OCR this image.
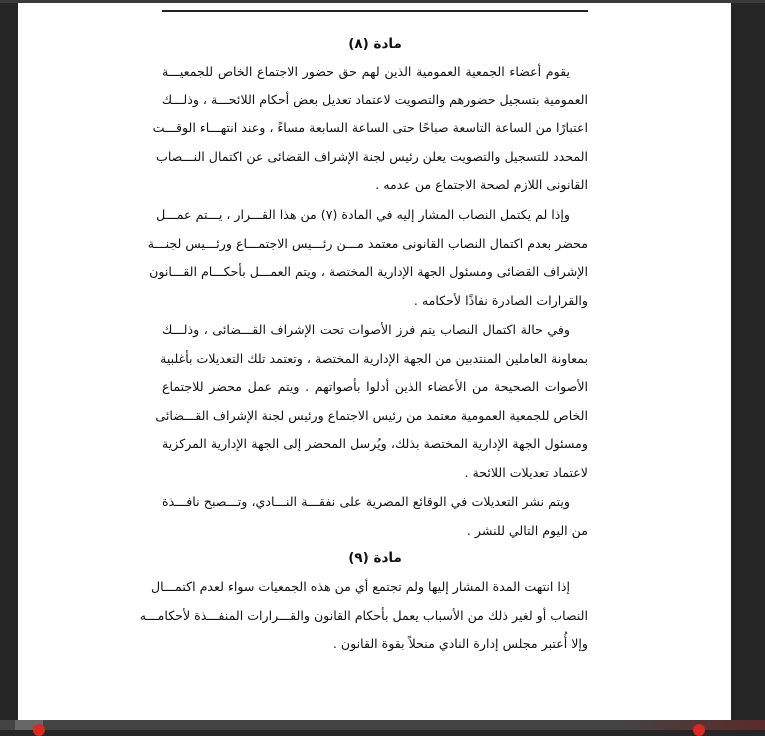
مادة (٨)
يقوم أعضاء الجمعية العمومية الذين لهم حق حضور الاجتماع الخاص للجمعيـــة
العمومية بتسجيل حضورهم والتصويت لاعتماد تعديل بعض أحكام اللائحـــة ، وذلـــك
اعتبارًا من الساعة التاسعة صباحًا حتى الساعة السابعة مساءً ، وعند انتهـــاء الوقـــت
المحدد للتسجيل والتصويت يعلن رئيس لجنة الإشراف القضائى عن اكتمال النـــصاب
القانونى اللازم لصحة الاجتماع من عدمه .
وإذا لم يكتمل النصاب المشار إليه في المادة (٧) من هذا القـــرار ، يـــتم عمـــل
محضر بعدم اكتمال النصاب القانونى معتمد مـــن رئـــيس الاجتمـــاع ورئـــيس لجنـــة
الإشراف القضائى ومسئول الجهة الإدارية المختصة ، ويتم العمـــل بأحكـــام القـــانون
والقرارات الصادرة نفاذًا لأحكامه .
وفي حالة اكتمال النصاب يتم فرز الأصوات تحت الإشراف القـــضائى ، وذلـــك
بمعاونة العاملين المنتدبين من الجهة الإدارية المختصة ، وتعتمد تلك التعديلات بأغلبية
الأصوات الصحيحة من الأعضاء الذين أدلوا بأصواتهم . ويتم عمل محضر للاجتماع
الخاص للجمعية العمومية معتمد من رئيس الاجتماع ورئيس لجنة الإشراف القـــضائى
ومسئول الجهة الإدارية المختصة بذلك، ويُرسل المحضر إلى الجهة الإدارية المركزية
لاعتماد تعديلات اللائحة .
ويتم نشر التعديلات في الوقائع المصرية على نفقـــة النـــادي، وتـــصبح نافـــذة
من اليوم التالي للنشر .
مادة (٩)
إذا انتهت المدة المشار إليها ولم تجتمع أي من هذه الجمعيات سواء لعدم اكتمـــال
النصاب أو لغير ذلك من الأسباب يعمل بأحكام القانون والقـــرارات المنفـــذة لأحكامـــه
وإلا أُعتبر مجلس إدارة النادي منحلاً بقوة القانون .
